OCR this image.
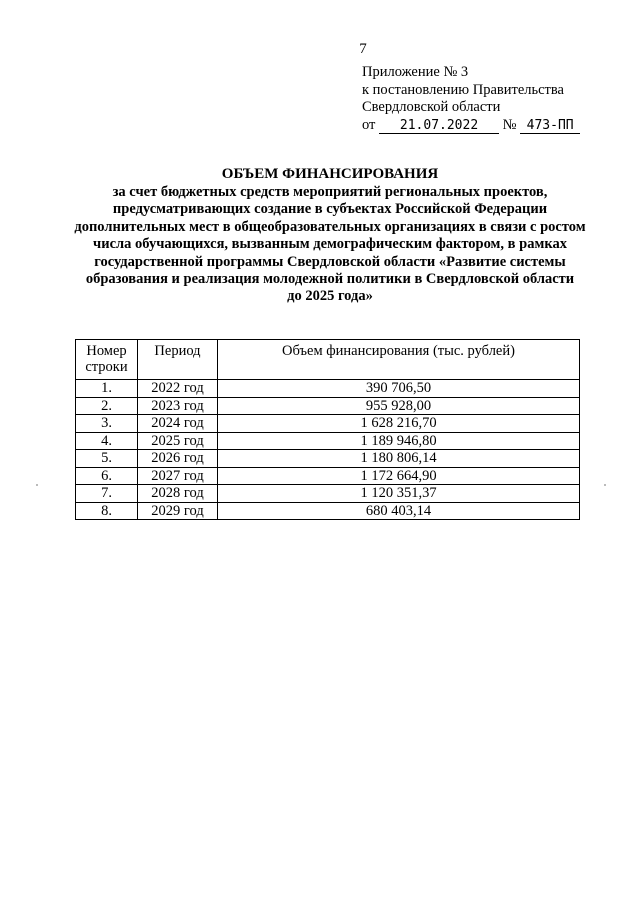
7
Приложение № 3
к постановлению Правительства
Свердловской области
от 21.07.2022 № 473-ПП
ОБЪЕМ ФИНАНСИРОВАНИЯ
за счет бюджетных средств мероприятий региональных проектов,
предусматривающих создание в субъектах Российской Федерации
дополнительных мест в общеобразовательных организациях в связи с ростом
числа обучающихся, вызванным демографическим фактором, в рамках
государственной программы Свердловской области «Развитие системы
образования и реализация молодежной политики в Свердловской области
до 2025 года»
Номер
строки	Период	Объем финансирования (тыс. рублей)
1.	2022 год	390 706,50
2.	2023 год	955 928,00
3.	2024 год	1 628 216,70
4.	2025 год	1 189 946,80
5.	2026 год	1 180 806,14
6.	2027 год	1 172 664,90
7.	2028 год	1 120 351,37
8.	2029 год	680 403,14
